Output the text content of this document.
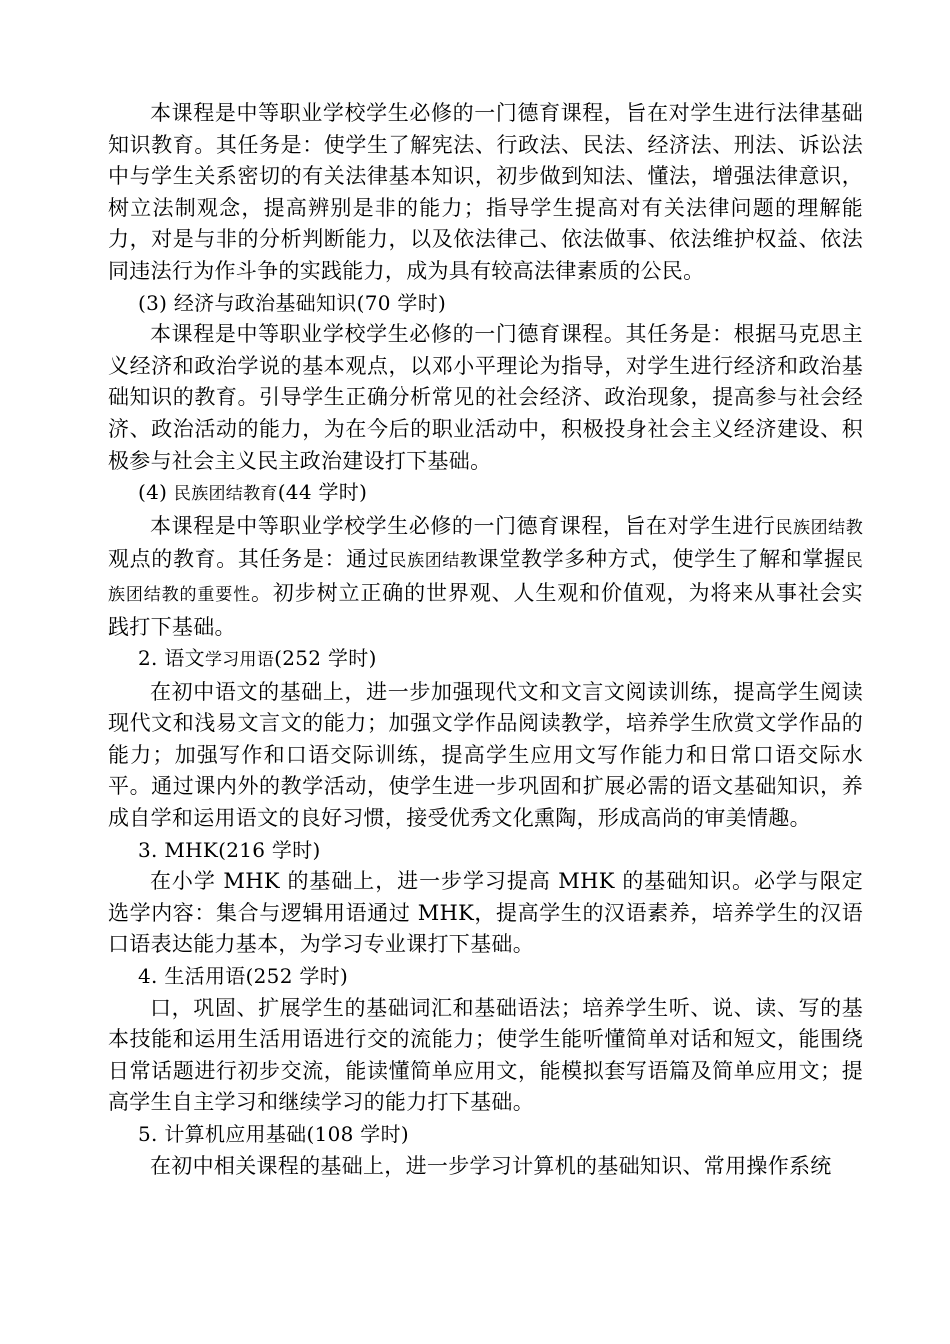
本课程是中等职业学校学生必修的一门德育课程，旨在对学生进行法律基础知识教育。其任务是：使学生了解宪法、行政法、民法、经济法、刑法、诉讼法中与学生关系密切的有关法律基本知识，初步做到知法、懂法，增强法律意识，树立法制观念，提高辨别是非的能力；指导学生提高对有关法律问题的理解能力，对是与非的分析判断能力，以及依法律己、依法做事、依法维护权益、依法同违法行为作斗争的实践能力，成为具有较高法律素质的公民。

(3) 经济与政治基础知识(70 学时)

本课程是中等职业学校学生必修的一门德育课程。其任务是：根据马克思主义经济和政治学说的基本观点，以邓小平理论为指导，对学生进行经济和政治基础知识的教育。引导学生正确分析常见的社会经济、政治现象，提高参与社会经济、政治活动的能力，为在今后的职业活动中，积极投身社会主义经济建设、积极参与社会主义民主政治建设打下基础。

(4) 民族团结教育(44 学时)

本课程是中等职业学校学生必修的一门德育课程，旨在对学生进行民族团结教观点的教育。其任务是：通过民族团结教课堂教学多种方式，使学生了解和掌握民族团结教的重要性。初步树立正确的世界观、人生观和价值观，为将来从事社会实践打下基础。

2. 语文学习用语(252 学时)

在初中语文的基础上，进一步加强现代文和文言文阅读训练，提高学生阅读现代文和浅易文言文的能力；加强文学作品阅读教学，培养学生欣赏文学作品的能力；加强写作和口语交际训练，提高学生应用文写作能力和日常口语交际水平。通过课内外的教学活动，使学生进一步巩固和扩展必需的语文基础知识，养成自学和运用语文的良好习惯，接受优秀文化熏陶，形成高尚的审美情趣。

3. MHK(216 学时)

在小学 MHK 的基础上，进一步学习提高 MHK 的基础知识。必学与限定选学内容：集合与逻辑用语通过 MHK，提高学生的汉语素养，培养学生的汉语口语表达能力基本，为学习专业课打下基础。

4. 生活用语(252 学时)

口，巩固、扩展学生的基础词汇和基础语法；培养学生听、说、读、写的基本技能和运用生活用语进行交的流能力；使学生能听懂简单对话和短文，能围绕日常话题进行初步交流，能读懂简单应用文，能模拟套写语篇及简单应用文；提高学生自主学习和继续学习的能力打下基础。

5. 计算机应用基础(108 学时)

在初中相关课程的基础上，进一步学习计算机的基础知识、常用操作系统
